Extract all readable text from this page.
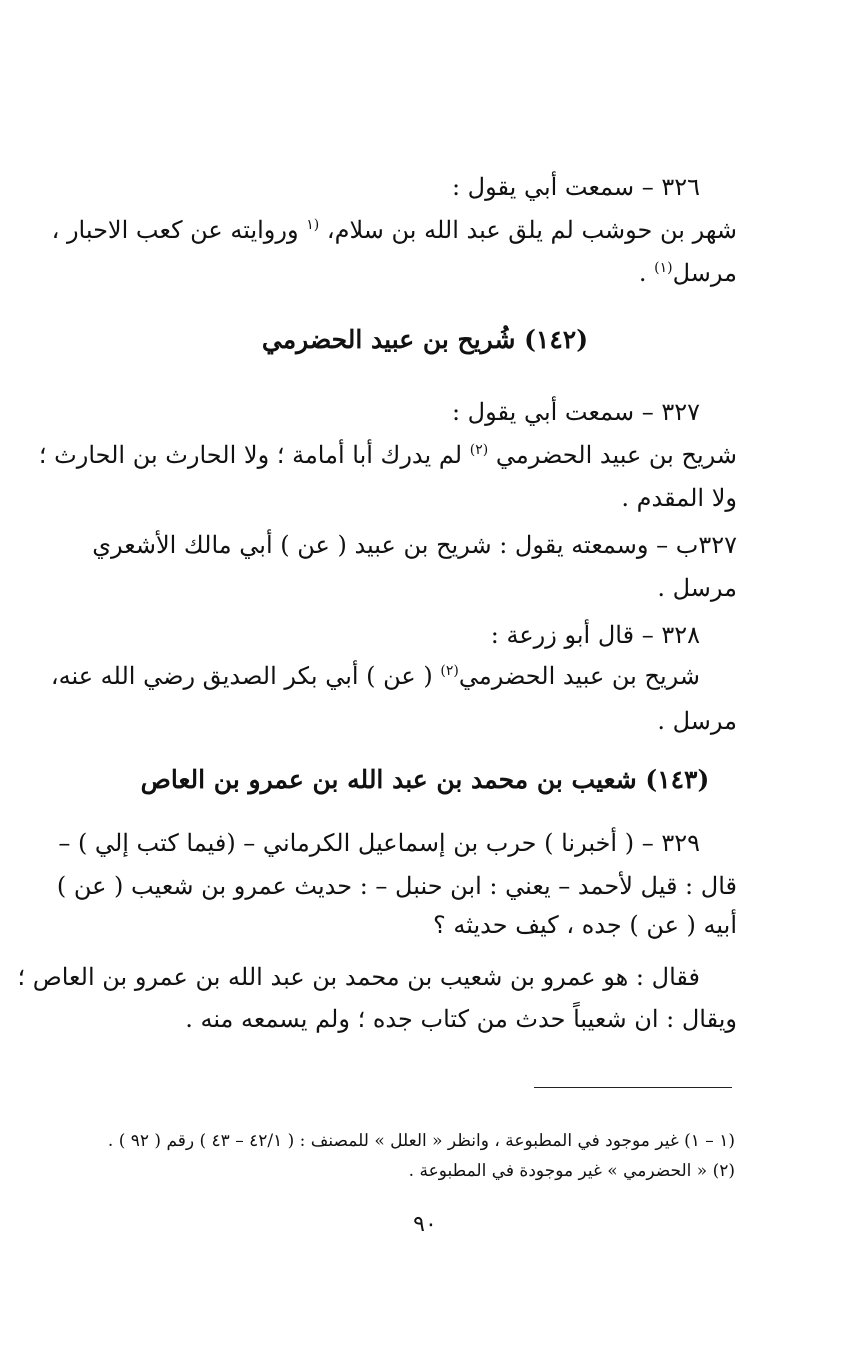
٣٢٦ – سمعت أبي يقول :
شهر بن حوشب لم يلق عبد الله بن سلام، $^{(١}$ وروايته عن كعب الاحبار ،
مرسل$^{(١)}$ .
(١٤٢) شُريح بن عبيد الحضرمي
٣٢٧ – سمعت أبي يقول :
شريح بن عبيد الحضرمي $^{(٢)}$ لم يدرك أبا أمامة ؛ ولا الحارث بن الحارث ؛
ولا المقدم .
٣٢٧ب – وسمعته يقول : شريح بن عبيد ( عن ) أبي مالك الأشعري
مرسل .
٣٢٨ – قال أبو زرعة :
شريح بن عبيد الحضرمي$^{(٢)}$ ( عن ) أبي بكر الصديق رضي الله عنه،
مرسل .
(١٤٣) شعيب بن محمد بن عبد الله بن عمرو بن العاص
٣٢٩ – ( أخبرنا ) حرب بن إسماعيل الكرماني – (فيما كتب إلي ) –
قال : قيل لأحمد – يعني : ابن حنبل – : حديث عمرو بن شعيب ( عن )
أبيه ( عن ) جده ، كيف حديثه ؟
فقال : هو عمرو بن شعيب بن محمد بن عبد الله بن عمرو بن العاص ؛
ويقال : ان شعيباً حدث من كتاب جده ؛ ولم يسمعه منه .
(١ – ١) غير موجود في المطبوعة ، وانظر « العلل » للمصنف : ( ٤٢/١ – ٤٣ ) رقم ( ٩٢ ) .
(٢) « الحضرمي » غير موجودة في المطبوعة .
٩٠
